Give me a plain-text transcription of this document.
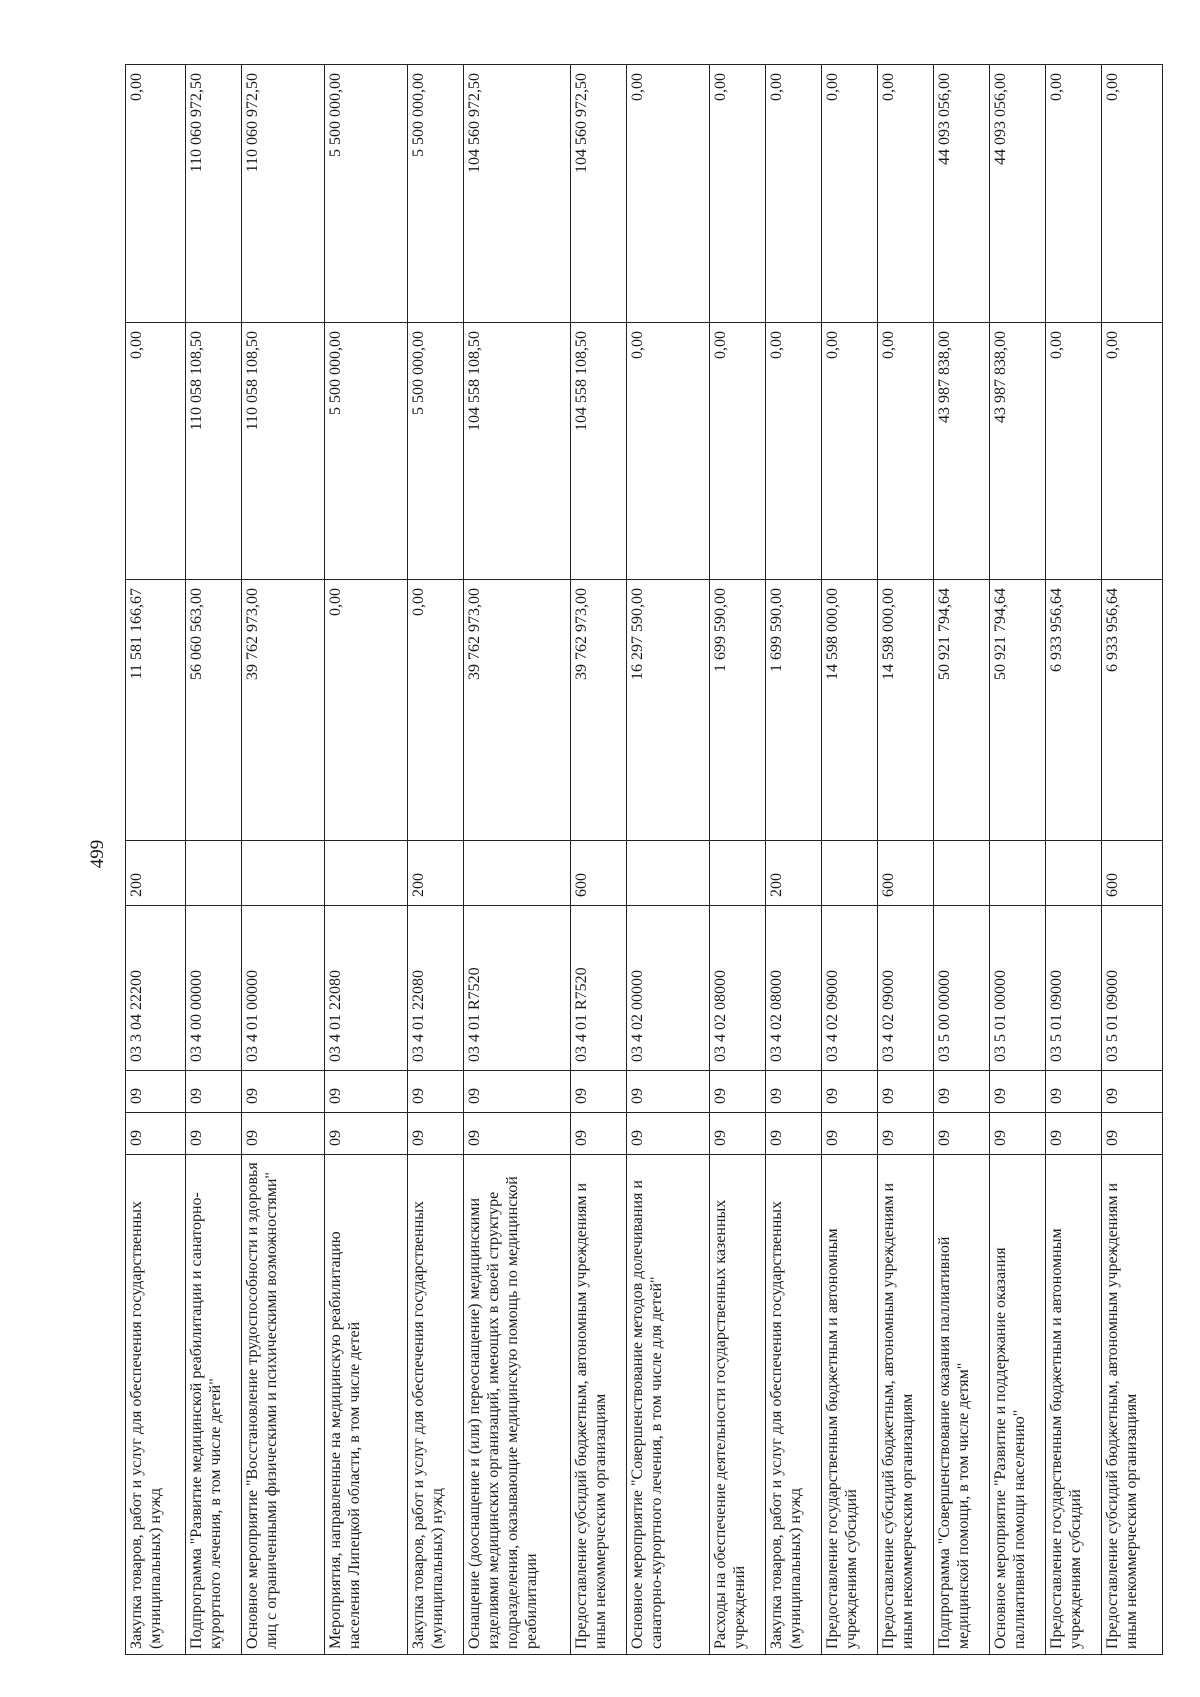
499
Закупка товаров, работ и услуг для обеспечения государственных (муниципальных) нужд	09	09	03 3 04 22200	200	11 581 166,67	0,00	0,00
Подпрограмма "Развитие медицинской реабилитации и санаторно-курортного лечения, в том числе детей"	09	09	03 4 00 00000		56 060 563,00	110 058 108,50	110 060 972,50
Основное мероприятие "Восстановление трудоспособности и здоровья лиц с ограниченными физическими и психическими возможностями"	09	09	03 4 01 00000		39 762 973,00	110 058 108,50	110 060 972,50
Мероприятия, направленные на медицинскую реабилитацию населения Липецкой области, в том числе детей	09	09	03 4 01 22080		0,00	5 500 000,00	5 500 000,00
Закупка товаров, работ и услуг для обеспечения государственных (муниципальных) нужд	09	09	03 4 01 22080	200	0,00	5 500 000,00	5 500 000,00
Оснащение (дооснащение и (или) переоснащение) медицинскими изделиями медицинских организаций, имеющих в своей структуре подразделения, оказывающие медицинскую помощь по медицинской реабилитации	09	09	03 4 01 R7520		39 762 973,00	104 558 108,50	104 560 972,50
Предоставление субсидий бюджетным, автономным учреждениям и иным некоммерческим организациям	09	09	03 4 01 R7520	600	39 762 973,00	104 558 108,50	104 560 972,50
Основное мероприятие "Совершенствование методов долечивания и санаторно-курортного лечения, в том числе для детей"	09	09	03 4 02 00000		16 297 590,00	0,00	0,00
Расходы на обеспечение деятельности государственных казенных учреждений	09	09	03 4 02 08000		1 699 590,00	0,00	0,00
Закупка товаров, работ и услуг для обеспечения государственных (муниципальных) нужд	09	09	03 4 02 08000	200	1 699 590,00	0,00	0,00
Предоставление государственным бюджетным и автономным учреждениям субсидий	09	09	03 4 02 09000		14 598 000,00	0,00	0,00
Предоставление субсидий бюджетным, автономным учреждениям и иным некоммерческим организациям	09	09	03 4 02 09000	600	14 598 000,00	0,00	0,00
Подпрограмма "Совершенствование оказания паллиативной медицинской помощи, в том числе детям"	09	09	03 5 00 00000		50 921 794,64	43 987 838,00	44 093 056,00
Основное мероприятие "Развитие и поддержание оказания паллиативной помощи населению"	09	09	03 5 01 00000		50 921 794,64	43 987 838,00	44 093 056,00
Предоставление государственным бюджетным и автономным учреждениям субсидий	09	09	03 5 01 09000		6 933 956,64	0,00	0,00
Предоставление субсидий бюджетным, автономным учреждениям и иным некоммерческим организациям	09	09	03 5 01 09000	600	6 933 956,64	0,00	0,00
